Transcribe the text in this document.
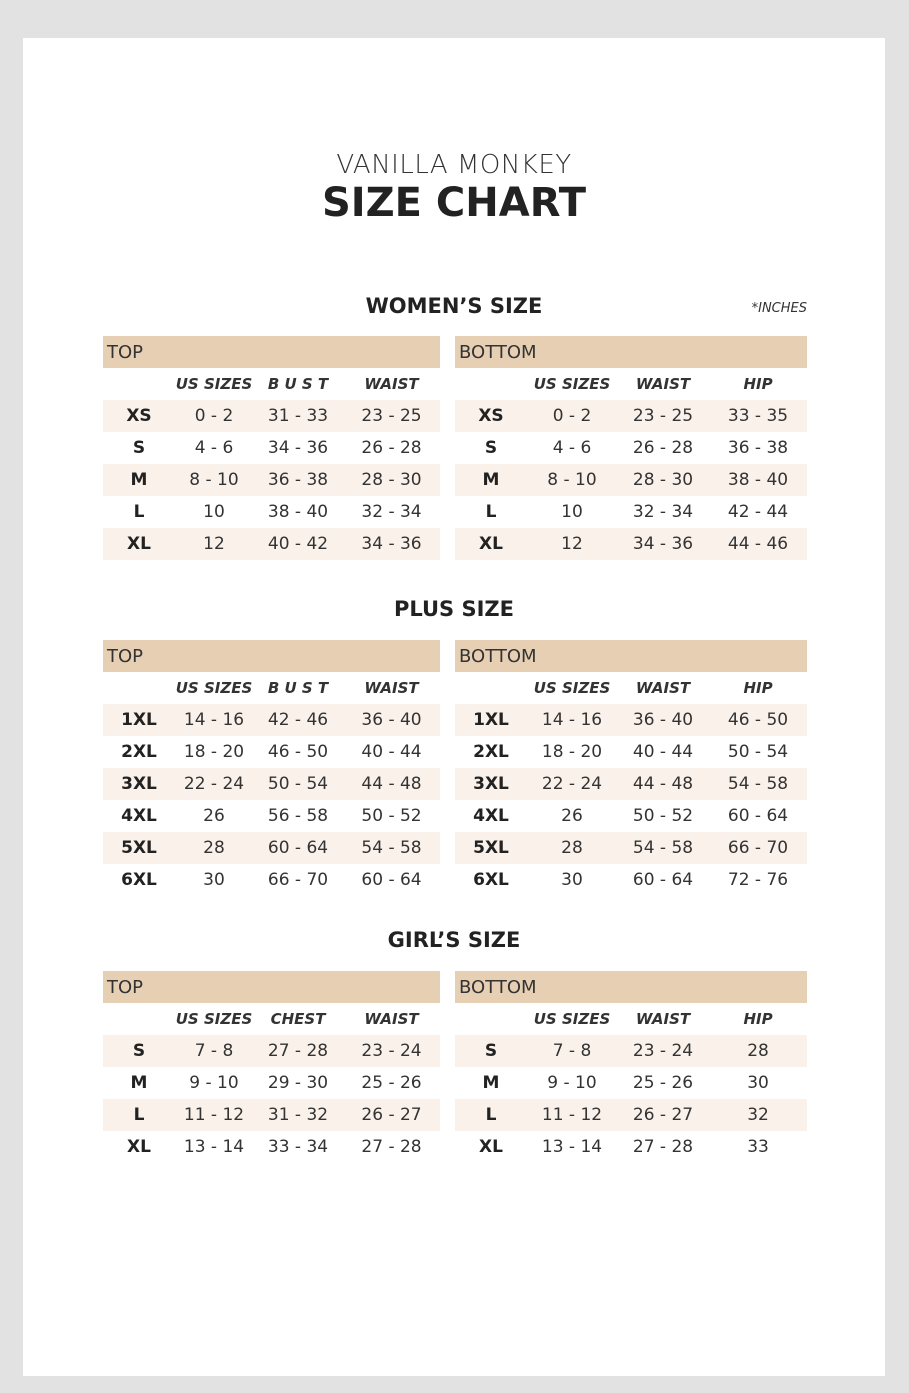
VANILLA MONKEY
SIZE CHART
*INCHES
WOMEN’S SIZE
TOP			
	US SIZES	B U S T	WAIST
XS	0 - 2	31 - 33	23 - 25
S	4 - 6	34 - 36	26 - 28
M	8 - 10	36 - 38	28 - 30
L	10	38 - 40	32 - 34
XL	12	40 - 42	34 - 36
BOTTOM			
	US SIZES	WAIST	HIP
XS	0 - 2	23 - 25	33 - 35
S	4 - 6	26 - 28	36 - 38
M	8 - 10	28 - 30	38 - 40
L	10	32 - 34	42 - 44
XL	12	34 - 36	44 - 46
PLUS SIZE
TOP			
	US SIZES	B U S T	WAIST
1XL	14 - 16	42 - 46	36 - 40
2XL	18 - 20	46 - 50	40 - 44
3XL	22 - 24	50 - 54	44 - 48
4XL	26	56 - 58	50 - 52
5XL	28	60 - 64	54 - 58
6XL	30	66 - 70	60 - 64
BOTTOM			
	US SIZES	WAIST	HIP
1XL	14 - 16	36 - 40	46 - 50
2XL	18 - 20	40 - 44	50 - 54
3XL	22 - 24	44 - 48	54 - 58
4XL	26	50 - 52	60 - 64
5XL	28	54 - 58	66 - 70
6XL	30	60 - 64	72 - 76
GIRL’S SIZE
TOP			
	US SIZES	CHEST	WAIST
S	7 - 8	27 - 28	23 - 24
M	9 - 10	29 - 30	25 - 26
L	11 - 12	31 - 32	26 - 27
XL	13 - 14	33 - 34	27 - 28
BOTTOM			
	US SIZES	WAIST	HIP
S	7 - 8	23 - 24	28
M	9 - 10	25 - 26	30
L	11 - 12	26 - 27	32
XL	13 - 14	27 - 28	33
